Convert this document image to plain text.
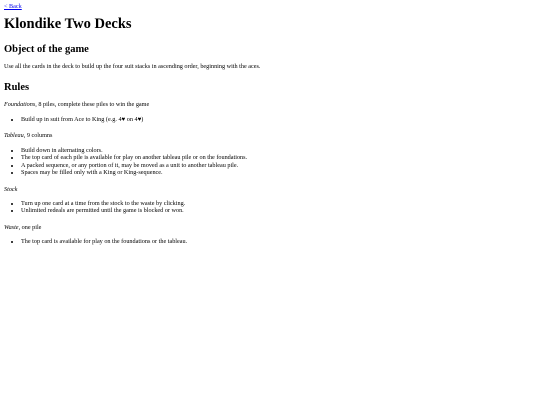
< Back
Klondike Two Decks
Object of the game

Use all the cards in the deck to build up the four suit stacks in ascending order, beginning with the aces.

Rules

Foundations, 8 piles, complete these piles to win the game

• Build up in suit from Ace to King (e.g. 4♥ on 4♥)

Tableau, 9 columns

• Build down in alternating colors.
• The top card of each pile is available for play on another tableau pile or on the foundations.
• A packed sequence, or any portion of it, may be moved as a unit to another tableau pile.
• Spaces may be filled only with a King or King-sequence.

Stock

• Turn up one card at a time from the stock to the waste by clicking.
• Unlimited redeals are permitted until the game is blocked or won.

Waste, one pile

• The top card is available for play on the foundations or the tableau.
